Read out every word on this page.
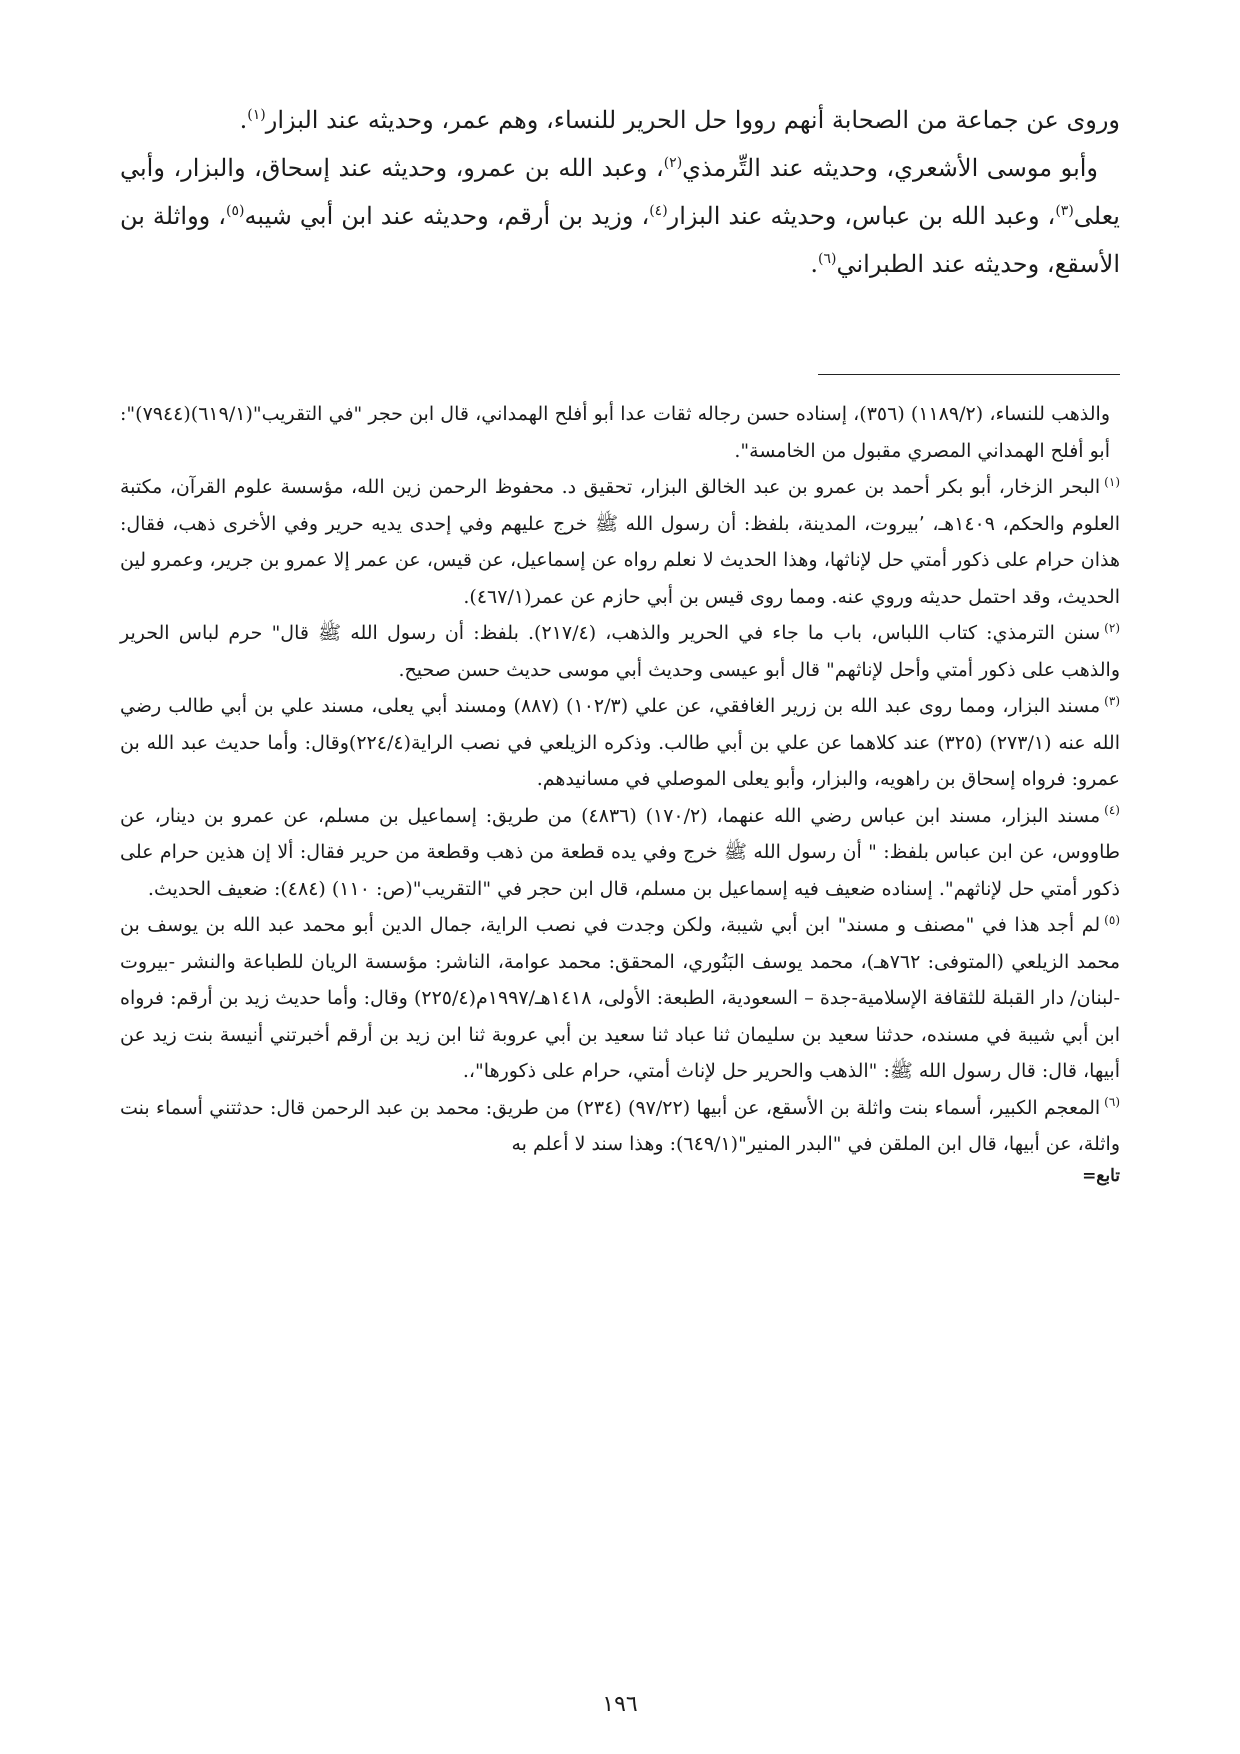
وروى عن جماعة من الصحابة أنهم رووا حل الحرير للنساء، وهم عمر، وحديثه عند البزار$^{(١)}$.

وأبو موسى الأشعري، وحديثه عند التِّرمذي$^{(٢)}$، وعبد الله بن عمرو، وحديثه عند إسحاق، والبزار، وأبي يعلى$^{(٣)}$، وعبد الله بن عباس، وحديثه عند البزار$^{(٤)}$، وزيد بن أرقم، وحديثه عند ابن أبي شيبه$^{(٥)}$، وواثلة بن الأسقع، وحديثه عند الطبراني$^{(٦)}$.

والذهب للنساء، (١١٨٩/٢) (٣٥٦)، إسناده حسن رجاله ثقات عدا أبو أفلح الهمداني، قال ابن حجر "في التقريب"(٦١٩/١)(٧٩٤٤)": أبو أفلح الهمداني المصري مقبول من الخامسة".

$^{(١)}$البحر الزخار، أبو بكر أحمد بن عمرو بن عبد الخالق البزار، تحقيق د. محفوظ الرحمن زين الله، مؤسسة علوم القرآن، مكتبة العلوم والحكم، ١٤٠٩هـ، ٬بيروت، المدينة، بلفظ: أن رسول الله ﷺ خرج عليهم وفي إحدى يديه حرير وفي الأخرى ذهب، فقال: هذان حرام على ذكور أمتي حل لإناثها، وهذا الحديث لا نعلم رواه عن إسماعيل، عن قيس، عن عمر إلا عمرو بن جرير، وعمرو لين الحديث، وقد احتمل حديثه وروي عنه. ومما روى قيس بن أبي حازم عن عمر(٤٦٧/١).

$^{(٢)}$سنن الترمذي: كتاب اللباس، باب ما جاء في الحرير والذهب، (٢١٧/٤). بلفظ: أن رسول الله ﷺ قال" حرم لباس الحرير والذهب على ذكور أمتي وأحل لإناثهم" قال أبو عيسى وحديث أبي موسى حديث حسن صحيح.

$^{(٣)}$مسند البزار، ومما روى عبد الله بن زرير الغافقي، عن علي (١٠٢/٣) (٨٨٧) ومسند أبي يعلى، مسند علي بن أبي طالب رضي الله عنه (٢٧٣/١) (٣٢٥) عند كلاهما عن علي بن أبي طالب. وذكره الزيلعي في نصب الراية(٢٢٤/٤)وقال: وأما حديث عبد الله بن عمرو: فرواه إسحاق بن راهويه، والبزار، وأبو يعلى الموصلي في مسانيدهم.

$^{(٤)}$مسند البزار، مسند ابن عباس رضي الله عنهما، (١٧٠/٢) (٤٨٣٦) من طريق: إسماعيل بن مسلم، عن عمرو بن دينار، عن طاووس، عن ابن عباس بلفظ: " أن رسول الله ﷺ خرج وفي يده قطعة من ذهب وقطعة من حرير فقال: ألا إن هذين حرام على ذكور أمتي حل لإناثهم". إسناده ضعيف فيه إسماعيل بن مسلم، قال ابن حجر في "التقريب"(ص: ١١٠) (٤٨٤): ضعيف الحديث.

$^{(٥)}$لم أجد هذا في "مصنف و مسند" ابن أبي شيبة، ولكن وجدت في نصب الراية، جمال الدين أبو محمد عبد الله بن يوسف بن محمد الزيلعي (المتوفى: ٧٦٢هـ)، محمد يوسف البَنُوري، المحقق: محمد عوامة، الناشر: مؤسسة الريان للطباعة والنشر -بيروت -لبنان/ دار القبلة للثقافة الإسلامية-جدة – السعودية، الطبعة: الأولى، ١٤١٨هـ/١٩٩٧م(٢٢٥/٤) وقال: وأما حديث زيد بن أرقم: فرواه ابن أبي شيبة في مسنده، حدثنا سعيد بن سليمان ثنا عباد ثنا سعيد بن أبي عروبة ثنا ابن زيد بن أرقم أخبرتني أنيسة بنت زيد عن أبيها، قال: قال رسول الله ﷺ: "الذهب والحرير حل لإناث أمتي، حرام على ذكورها"،.

$^{(٦)}$المعجم الكبير، أسماء بنت واثلة بن الأسقع، عن أبيها (٩٧/٢٢) (٢٣٤) من طريق: محمد بن عبد الرحمن قال: حدثتني أسماء بنت واثلة، عن أبيها، قال ابن الملقن في "البدر المنير"(٦٤٩/١): وهذا سند لا أعلم به

تابع=
١٩٦
